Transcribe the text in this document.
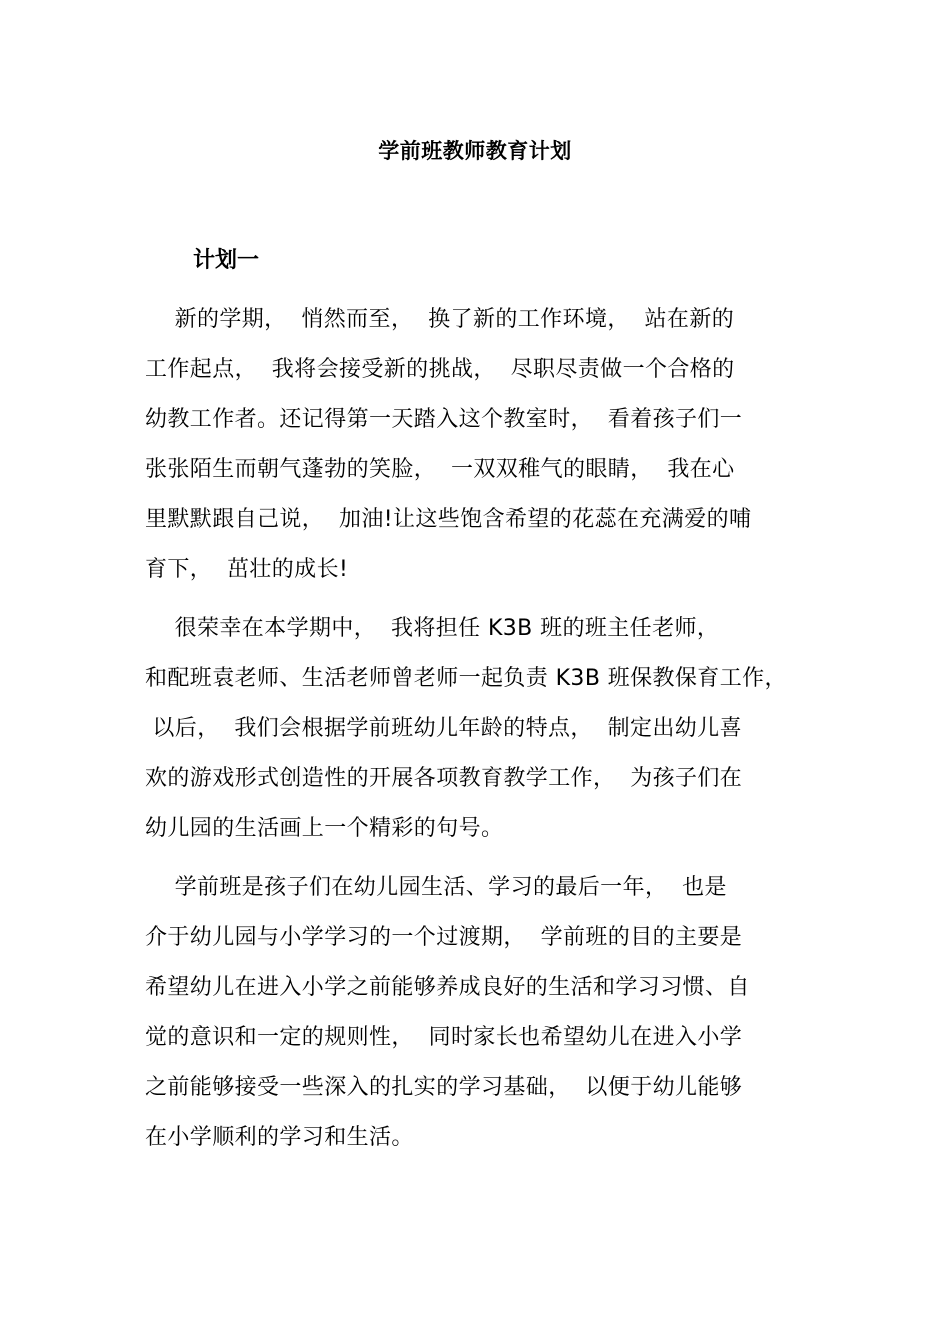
学前班教师教育计划
计划一
新的学期，  悄然而至，  换了新的工作环境，  站在新的
工作起点，  我将会接受新的挑战，  尽职尽责做一个合格的
幼教工作者。还记得第一天踏入这个教室时，  看着孩子们一
张张陌生而朝气蓬勃的笑脸，  一双双稚气的眼睛，  我在心
里默默跟自己说，  加油!让这些饱含希望的花蕊在充满爱的哺
育下，  茁壮的成长!
很荣幸在本学期中，  我将担任 K3B 班的班主任老师，
和配班袁老师、生活老师曾老师一起负责 K3B 班保教保育工作，
以后，  我们会根据学前班幼儿年龄的特点，  制定出幼儿喜
欢的游戏形式创造性的开展各项教育教学工作，  为孩子们在
幼儿园的生活画上一个精彩的句号。
学前班是孩子们在幼儿园生活、学习的最后一年，  也是
介于幼儿园与小学学习的一个过渡期，  学前班的目的主要是
希望幼儿在进入小学之前能够养成良好的生活和学习习惯、自
觉的意识和一定的规则性，  同时家长也希望幼儿在进入小学
之前能够接受一些深入的扎实的学习基础，  以便于幼儿能够
在小学顺利的学习和生活。
